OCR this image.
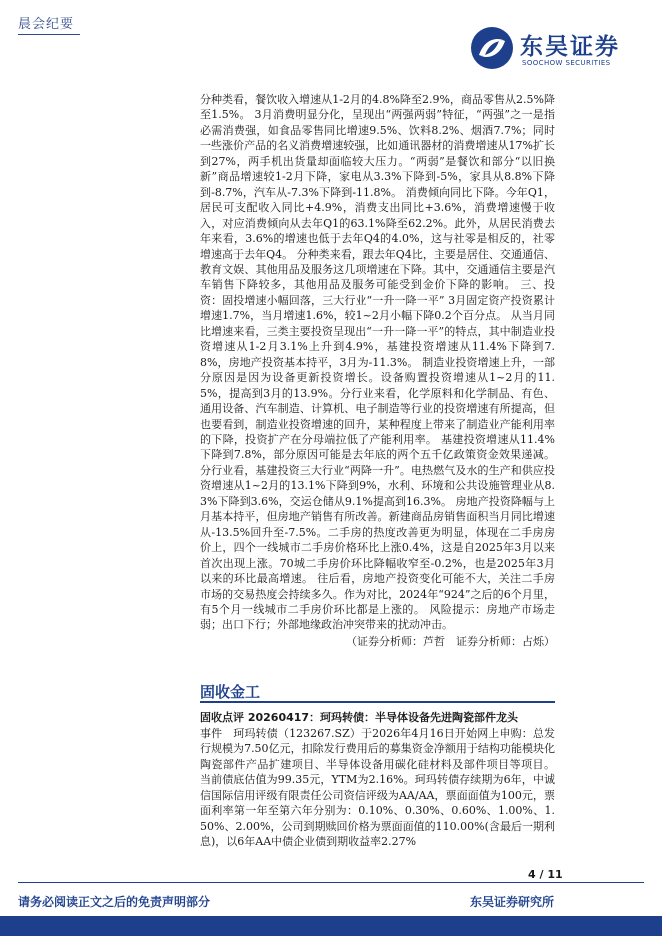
晨会纪要
东吴证券
SOOCHOW SECURITIES

分种类看，餐饮收入增速从1-2月的4.8%降至2.9%，商品零售从2.5%降至1.5%。 3月消费明显分化，呈现出“两强两弱”特征，“两强”之一是指必需消费强，如食品零售同比增速9.5%、饮料8.2%、烟酒7.7%；同时一些涨价产品的名义消费增速较强，比如通讯器材的消费增速从17%扩长到27%，两手机出货量却面临较大压力。“两弱”是餐饮和部分“以旧换新”商品增速较1-2月下降，家电从3.3%下降到-5%，家具从8.8%下降到-8.7%，汽车从-7.3%下降到-11.8%。 消费倾向同比下降。今年Q1，居民可支配收入同比+4.9%，消费支出同比+3.6%，消费增速慢于收入，对应消费倾向从去年Q1的63.1%降至62.2%。此外，从居民消费去年来看，3.6%的增速也低于去年Q4的4.0%，这与社零是相反的，社零增速高于去年Q4。 分种类来看，跟去年Q4比，主要是居住、交通通信、教育文娱、其他用品及服务这几项增速在下降。其中，交通通信主要是汽车销售下降较多，其他用品及服务可能受到金价下降的影响。 三、投资：固投增速小幅回落，三大行业“一升一降一平” 3月固定资产投资累计增速1.7%，当月增速1.6%，较1~2月小幅下降0.2个百分点。 从当月同比增速来看，三类主要投资呈现出“一升一降一平”的特点，其中制造业投资增速从1-2月3.1%上升到4.9%，基建投资增速从11.4%下降到7.8%，房地产投资基本持平，3月为-11.3%。 制造业投资增速上升，一部分原因是因为设备更新投资增长。设备购置投资增速从1~2月的11.5%，提高到3月的13.9%。分行业来看，化学原料和化学制品、有色、通用设备、汽车制造、计算机、电子制造等行业的投资增速有所提高，但也要看到，制造业投资增速的回升，某种程度上带来了制造业产能利用率的下降，投资扩产在分母端拉低了产能利用率。 基建投资增速从11.4%下降到7.8%，部分原因可能是去年底的两个五千亿政策资金效果递减。分行业看，基建投资三大行业“两降一升”。电热燃气及水的生产和供应投资增速从1~2月的13.1%下降到9%，水利、环境和公共设施管理业从8.3%下降到3.6%，交运仓储从9.1%提高到16.3%。 房地产投资降幅与上月基本持平，但房地产销售有所改善。新建商品房销售面积当月同比增速从-13.5%回升至-7.5%。二手房的热度改善更为明显，体现在二手房房价上，四个一线城市二手房价格环比上涨0.4%，这是自2025年3月以来首次出现上涨。70城二手房价环比降幅收窄至-0.2%，也是2025年3月以来的环比最高增速。 往后看，房地产投资变化可能不大，关注二手房市场的交易热度会持续多久。作为对比，2024年“924”之后的6个月里，有5个月一线城市二手房价环比都是上涨的。 风险提示：房地产市场走弱；出口下行；外部地缘政治冲突带来的扰动冲击。

（证券分析师：芦哲　证券分析师：占烁）

固收金工

固收点评 20260417：珂玛转债：半导体设备先进陶瓷部件龙头

事件　珂玛转债（123267.SZ）于2026年4月16日开始网上申购：总发行规模为7.50亿元，扣除发行费用后的募集资金净额用于结构功能模块化陶瓷部件产品扩建项目、半导体设备用碳化硅材料及部件项目等项目。 当前债底估值为99.35元，YTM为2.16%。珂玛转债存续期为6年，中诚信国际信用评级有限责任公司资信评级为AA/AA，票面面值为100元，票面利率第一年至第六年分别为：0.10%、0.30%、0.60%、1.00%、1.50%、2.00%，公司到期赎回价格为票面面值的110.00%(含最后一期利息)，以6年AA中债企业债到期收益率2.27%

4 / 11
请务必阅读正文之后的免责声明部分	东吴证券研究所
